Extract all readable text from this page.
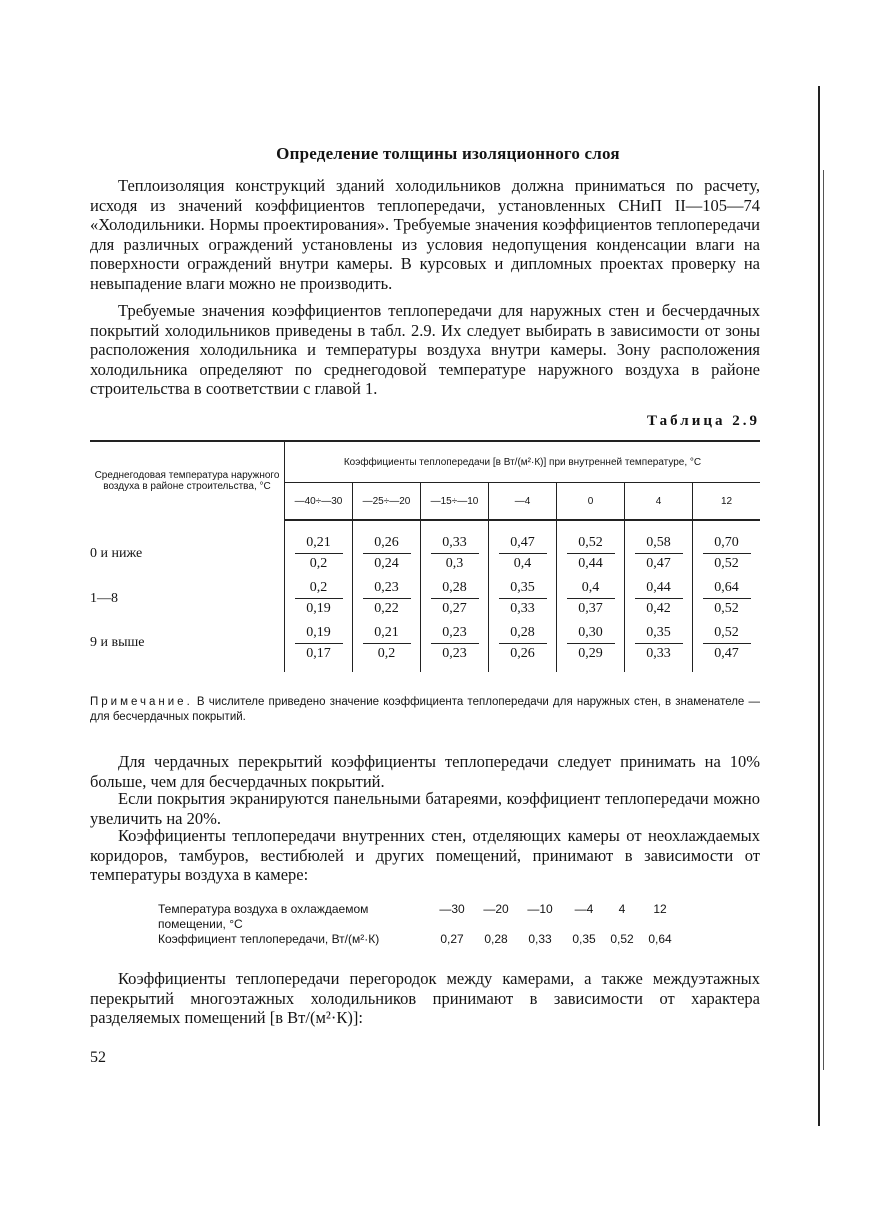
Определение толщины изоляционного слоя

Теплоизоляция конструкций зданий холодильников должна приниматься по расчету, исходя из значений коэффициентов теплопередачи, установленных СНиП II—105—74 «Холодильники. Нормы проектирования». Требуемые значения коэффициентов теплопередачи для различных ограждений установлены из условия недопущения конденсации влаги на поверхности ограждений внутри камеры. В курсовых и дипломных проектах проверку на невыпадение влаги можно не производить.

Требуемые значения коэффициентов теплопередачи для наружных стен и бесчердачных покрытий холодильников приведены в табл. 2.9. Их следует выбирать в зависимости от зоны расположения холодильника и температуры воздуха внутри камеры. Зону расположения холодильника определяют по среднегодовой температуре наружного воздуха в районе строительства в соответствии с главой 1.

Таблица 2.9
Среднегодовая температура наружного воздуха в районе строительства, °С	Коэффициенты теплопередачи [в Вт/(м²·К)] при внутренней температуре, °С						
	—40÷—30	—25÷—20	—15÷—10	—4	0	4	12
0 и ниже	$\frac{0,21}{0,2}$	$\frac{0,26}{0,24}$	$\frac{0,33}{0,3}$	$\frac{0,47}{0,4}$	$\frac{0,52}{0,44}$	$\frac{0,58}{0,47}$	$\frac{0,70}{0,52}$

1—8	$\frac{0,2}{0,19}$	$\frac{0,23}{0,22}$	$\frac{0,28}{0,27}$	$\frac{0,35}{0,33}$	$\frac{0,4}{0,37}$	$\frac{0,44}{0,42}$	$\frac{0,64}{0,52}$

9 и выше	$\frac{0,19}{0,17}$	$\frac{0,21}{0,2}$	$\frac{0,23}{0,23}$	$\frac{0,28}{0,26}$	$\frac{0,30}{0,29}$	$\frac{0,35}{0,33}$	$\frac{0,52}{0,47}$
Примечание. В числителе приведено значение коэффициента теплопередачи для наружных стен, в знаменателе — для бесчердачных покрытий.

Для чердачных перекрытий коэффициенты теплопередачи следует принимать на 10% больше, чем для бесчердачных покрытий.

Если покрытия экранируются панельными батареями, коэффициент теплопередачи можно увеличить на 20%.

Коэффициенты теплопередачи внутренних стен, отделяющих камеры от неохлаждаемых коридоров, тамбуров, вестибюлей и других помещений, принимают в зависимости от температуры воздуха в камере:

Температура воздуха в охлаждаемом помещении, °С	—30	—20	—10	—4	4	12
Коэффициент теплопередачи, Вт/(м²·К)	0,27	0,28	0,33	0,35	0,52	0,64

Коэффициенты теплопередачи перегородок между камерами, а также междуэтажных перекрытий многоэтажных холодильников принимают в зависимости от характера разделяемых помещений [в Вт/(м²·К)]:

52
